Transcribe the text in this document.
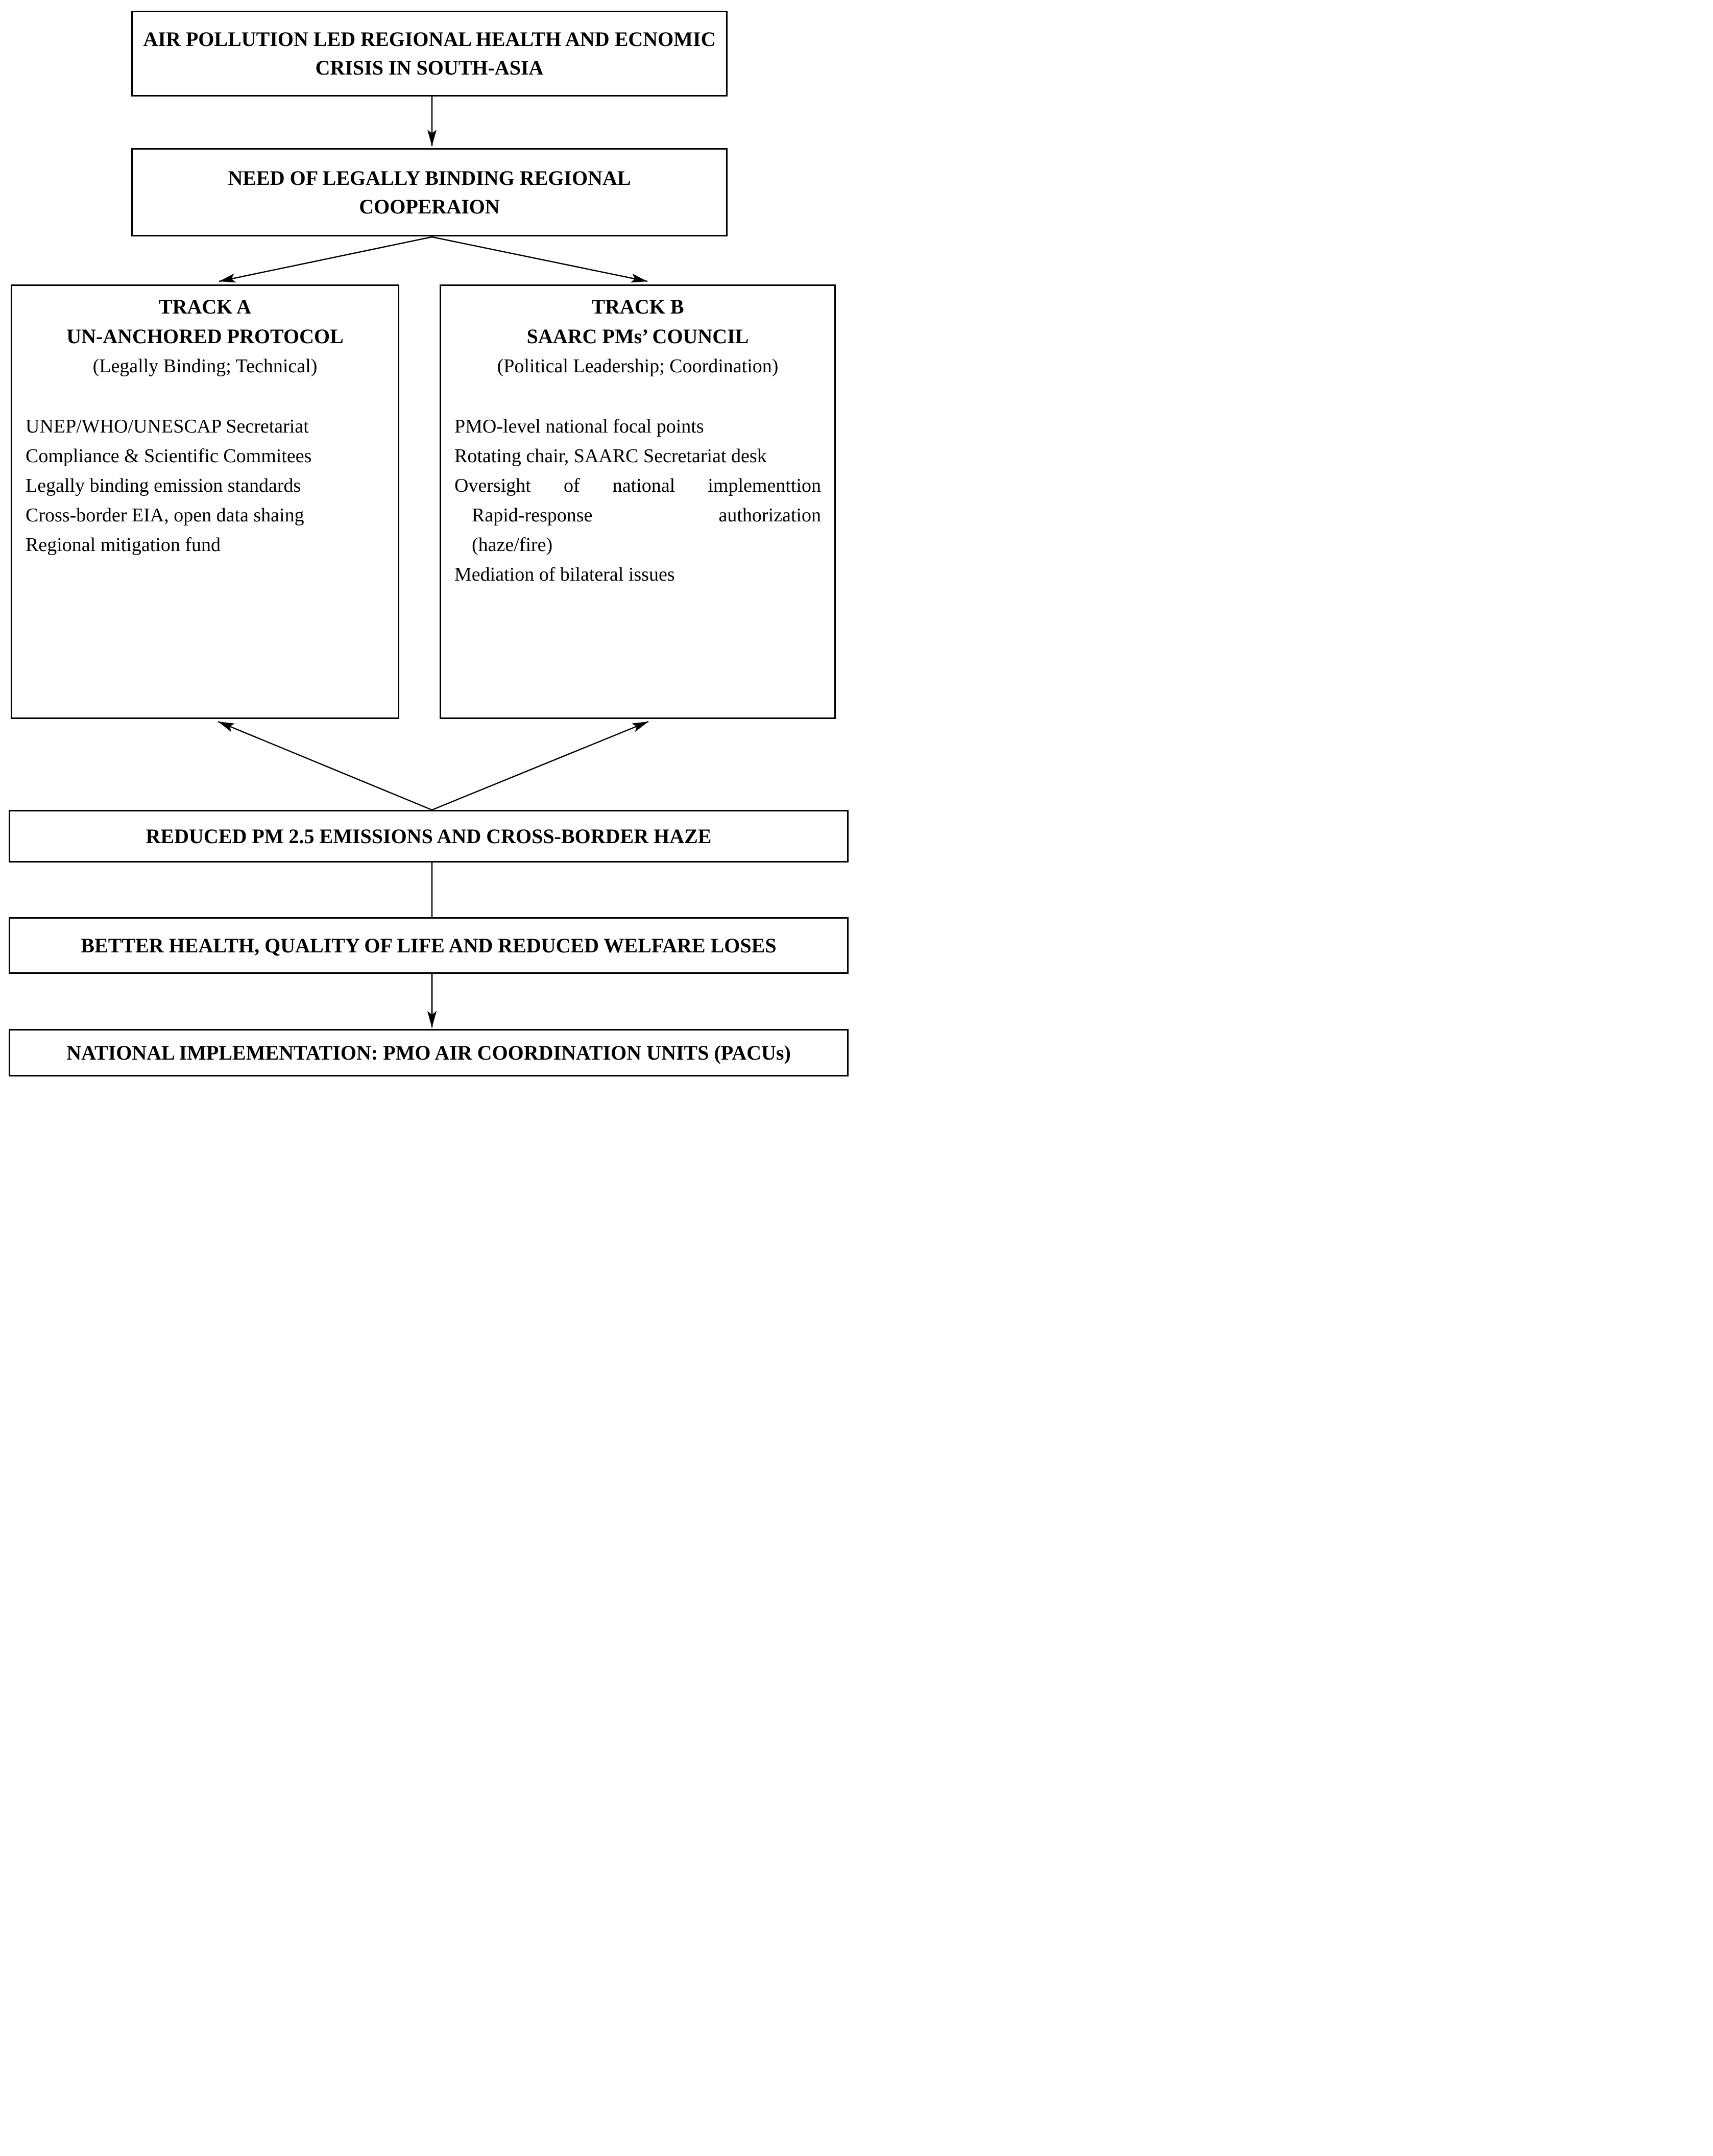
AIR POLLUTION LED REGIONAL HEALTH AND ECNOMIC
CRISIS IN SOUTH-ASIA
NEED OF LEGALLY BINDING REGIONAL
COOPERAION
TRACK A
UN-ANCHORED PROTOCOL
(Legally Binding; Technical)
UNEP/WHO/UNESCAP Secretariat
Compliance & Scientific Commitees
Legally binding emission standards
Cross-border EIA, open data shaing
Regional mitigation fund
TRACK B
SAARC PMs’ COUNCIL
(Political Leadership; Coordination)
PMO-level national focal points
Rotating chair, SAARC Secretariat desk
Oversight of national implementtion
Rapid-response authorization
(haze/fire)
Mediation of bilateral issues
REDUCED PM 2.5 EMISSIONS AND CROSS-BORDER HAZE
BETTER HEALTH, QUALITY OF LIFE AND REDUCED WELFARE LOSES
NATIONAL IMPLEMENTATION: PMO AIR COORDINATION UNITS (PACUs)
